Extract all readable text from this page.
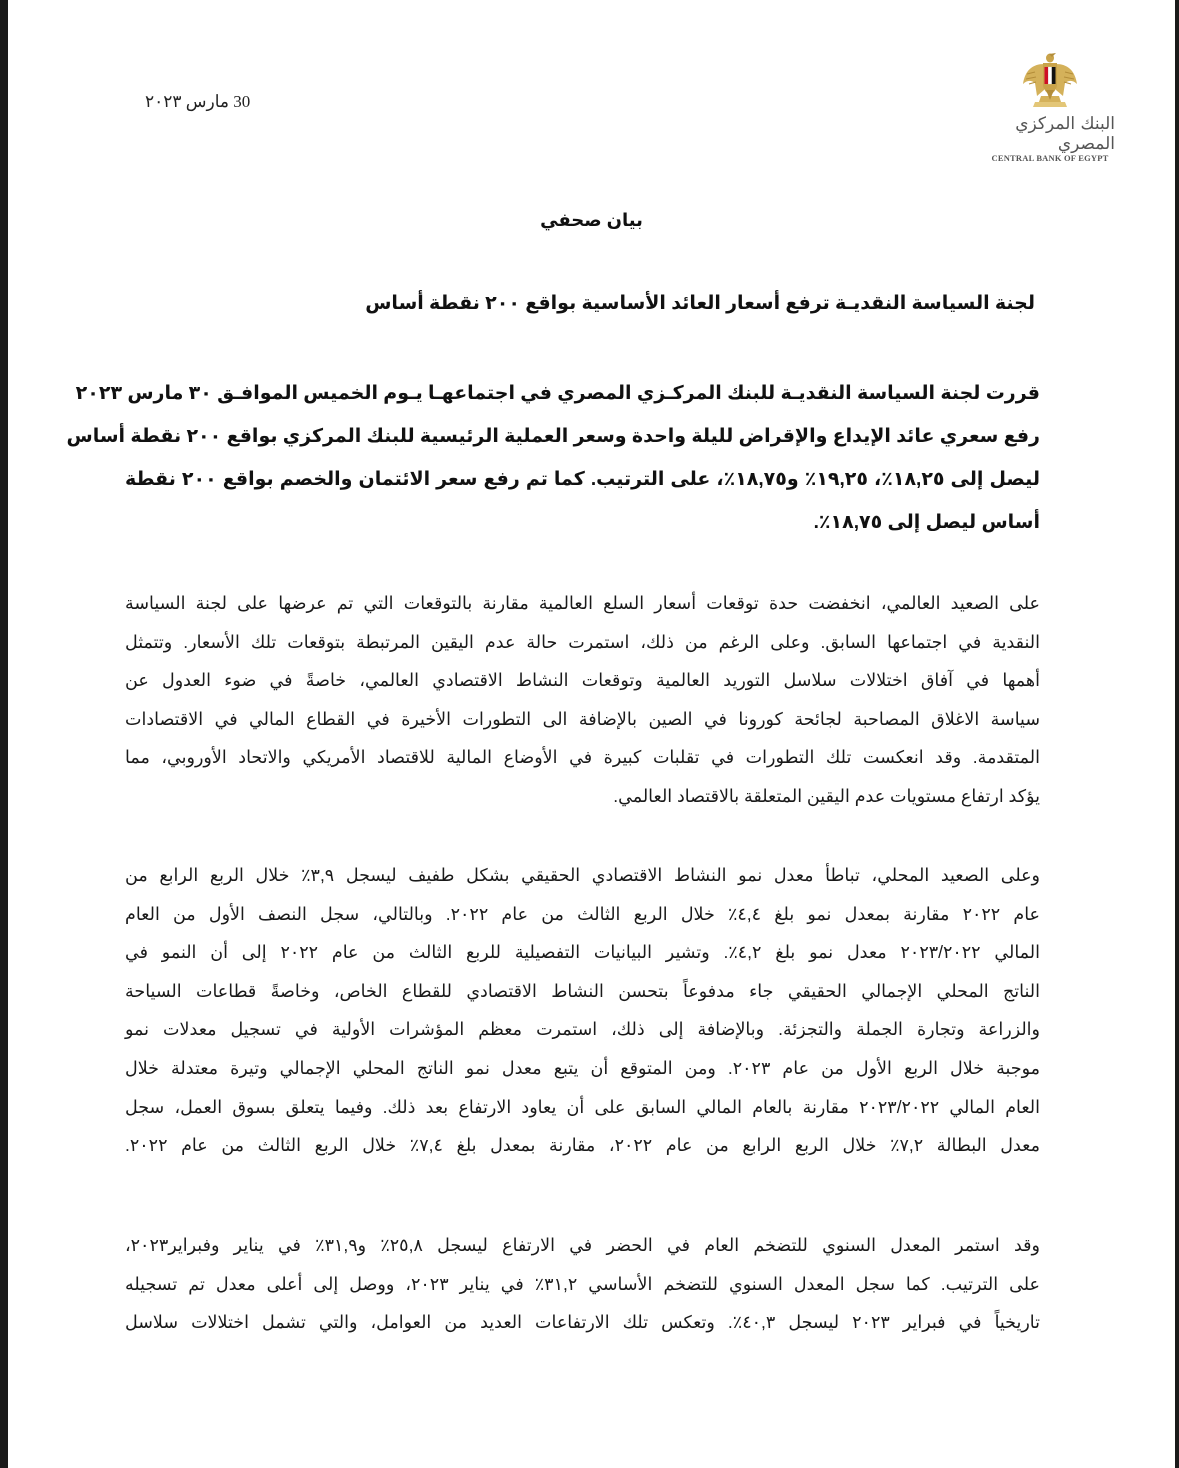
البنك المركزي المصري
CENTRAL BANK OF EGYPT
30 مارس ٢٠٢٣
بيان صحفي
لجنة السياسة النقديـة ترفع أسعار العائد الأساسية بواقع ٢٠٠ نقطة أساس
قررت لجنة السياسة النقديـة للبنك المركـزي المصري في اجتماعهـا يـوم الخميس الموافـق ٣٠ مارس ٢٠٢٣
رفع سعري عائد الإيداع والإقراض لليلة واحدة وسعر العملية الرئيسية للبنك المركزي بواقع ٢٠٠ نقطة أساس
ليصل إلى ١٨,٢٥٪، ١٩,٢٥٪ و١٨,٧٥٪، على الترتيب. كما تم رفع سعر الائتمان والخصم بواقع ٢٠٠ نقطة
أساس ليصل إلى ١٨,٧٥٪.
على الصعيد العالمي، انخفضت حدة توقعات أسعار السلع العالمية مقارنة بالتوقعات التي تم عرضها على لجنة السياسة
النقدية في اجتماعها السابق. وعلى الرغم من ذلك، استمرت حالة عدم اليقين المرتبطة بتوقعات تلك الأسعار. وتتمثل
أهمها في آفاق اختلالات سلاسل التوريد العالمية وتوقعات النشاط الاقتصادي العالمي، خاصةً في ضوء العدول عن
سياسة الاغلاق المصاحبة لجائحة كورونا في الصين بالإضافة الى التطورات الأخيرة في القطاع المالي في الاقتصادات
المتقدمة. وقد انعكست تلك التطورات في تقلبات كبيرة في الأوضاع المالية للاقتصاد الأمريكي والاتحاد الأوروبي، مما
يؤكد ارتفاع مستويات عدم اليقين المتعلقة بالاقتصاد العالمي.
وعلى الصعيد المحلي، تباطأ معدل نمو النشاط الاقتصادي الحقيقي بشكل طفيف ليسجل ٣,٩٪ خلال الربع الرابع من
عام ٢٠٢٢ مقارنة بمعدل نمو بلغ ٤,٤٪ خلال الربع الثالث من عام ٢٠٢٢. وبالتالي، سجل النصف الأول من العام
المالي ٢٠٢٣/٢٠٢٢ معدل نمو بلغ ٤,٢٪. وتشير البيانيات التفصيلية للربع الثالث من عام ٢٠٢٢ إلى أن النمو في
الناتج المحلي الإجمالي الحقيقي جاء مدفوعاً بتحسن النشاط الاقتصادي للقطاع الخاص، وخاصةً قطاعات السياحة
والزراعة وتجارة الجملة والتجزئة. وبالإضافة إلى ذلك، استمرت معظم المؤشرات الأولية في تسجيل معدلات نمو
موجبة خلال الربع الأول من عام ٢٠٢٣. ومن المتوقع أن يتبع معدل نمو الناتج المحلي الإجمالي وتيرة معتدلة خلال
العام المالي ٢٠٢٣/٢٠٢٢ مقارنة بالعام المالي السابق على أن يعاود الارتفاع بعد ذلك. وفيما يتعلق بسوق العمل، سجل
معدل البطالة ٧,٢٪ خلال الربع الرابع من عام ٢٠٢٢، مقارنة بمعدل بلغ ٧,٤٪ خلال الربع الثالث من عام ٢٠٢٢.
وقد استمر المعدل السنوي للتضخم العام في الحضر في الارتفاع ليسجل ٢٥,٨٪ و٣١,٩٪ في يناير وفبراير٢٠٢٣،
على الترتيب. كما سجل المعدل السنوي للتضخم الأساسي ٣١,٢٪ في يناير ٢٠٢٣، ووصل إلى أعلى معدل تم تسجيله
تاريخياً في فبراير ٢٠٢٣ ليسجل ٤٠,٣٪. وتعكس تلك الارتفاعات العديد من العوامل، والتي تشمل اختلالات سلاسل
